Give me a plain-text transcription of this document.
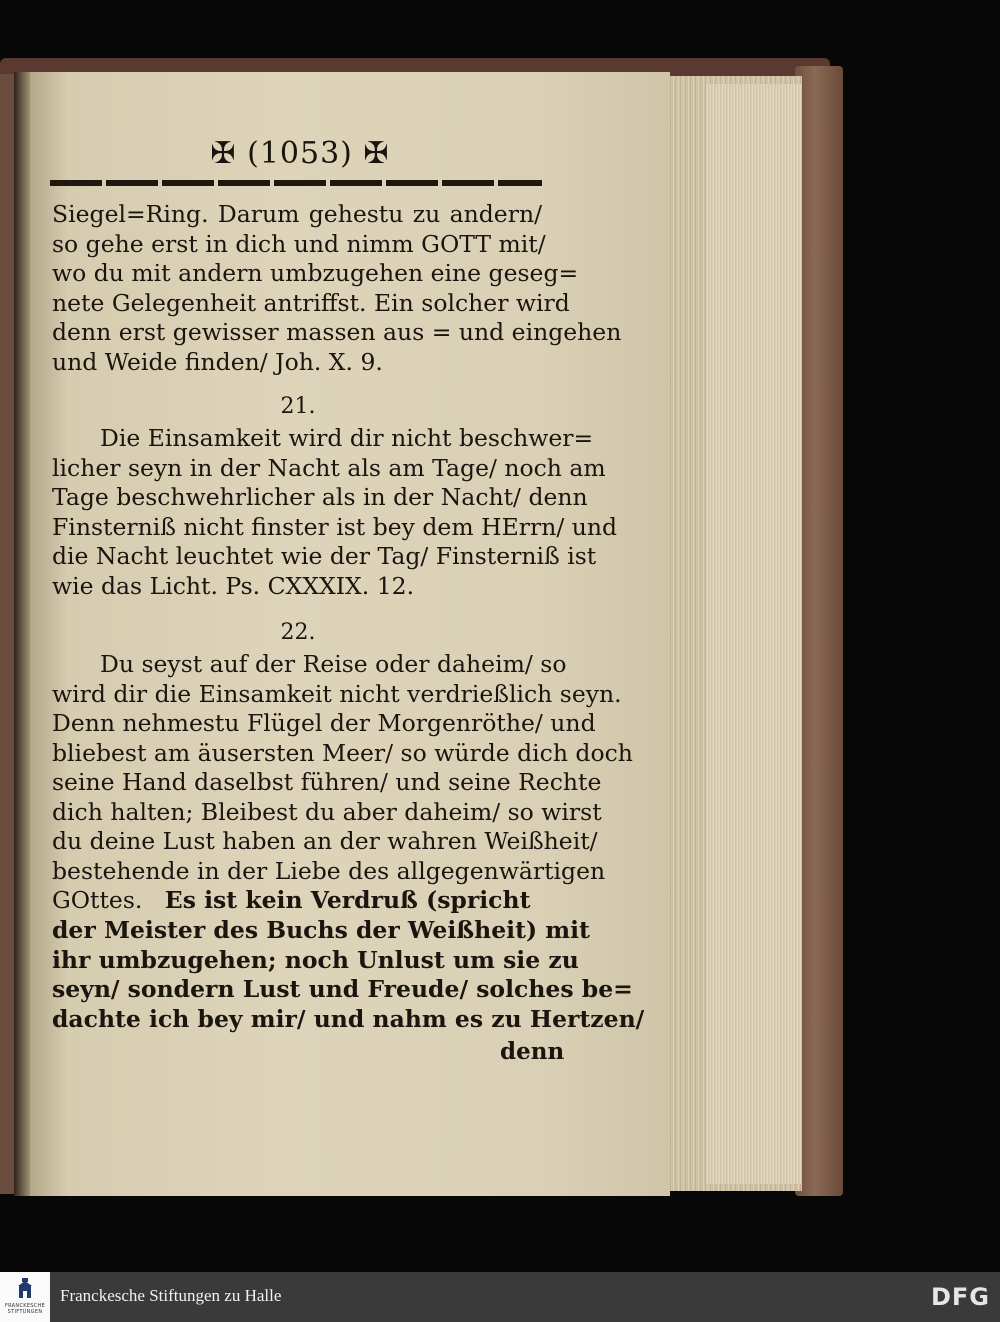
✠ (1053) ✠
Siegel=Ring. Darum gehestu zu andern/
so gehe erst in dich und nimm GOTT mit/
wo du mit andern umbzugehen eine geseg=
nete Gelegenheit antriffst. Ein solcher wird
denn erst gewisser massen aus = und eingehen
und Weide finden/ Joh. X. 9.
21.
Die Einsamkeit wird dir nicht beschwer=
licher seyn in der Nacht als am Tage/ noch am
Tage beschwehrlicher als in der Nacht/ denn
Finsterniß nicht finster ist bey dem HErrn/ und
die Nacht leuchtet wie der Tag/ Finsterniß ist
wie das Licht. Ps. CXXXIX. 12.
22.
Du seyst auf der Reise oder daheim/ so
wird dir die Einsamkeit nicht verdrießlich seyn.
Denn nehmestu Flügel der Morgenröthe/ und
bliebest am äusersten Meer/ so würde dich doch
seine Hand daselbst führen/ und seine Rechte
dich halten; Bleibest du aber daheim/ so wirst
du deine Lust haben an der wahren Weißheit/
bestehende in der Liebe des allgegenwärtigen
GOttes. Es ist kein Verdruß (spricht
der Meister des Buchs der Weißheit) mit
ihr umbzugehen; noch Unlust um sie zu
seyn/ sondern Lust und Freude/ solches be=
dachte ich bey mir/ und nahm es zu Hertzen/
denn
FRANCKESCHE STIFTUNGEN
Franckesche Stiftungen zu Halle	DFG
